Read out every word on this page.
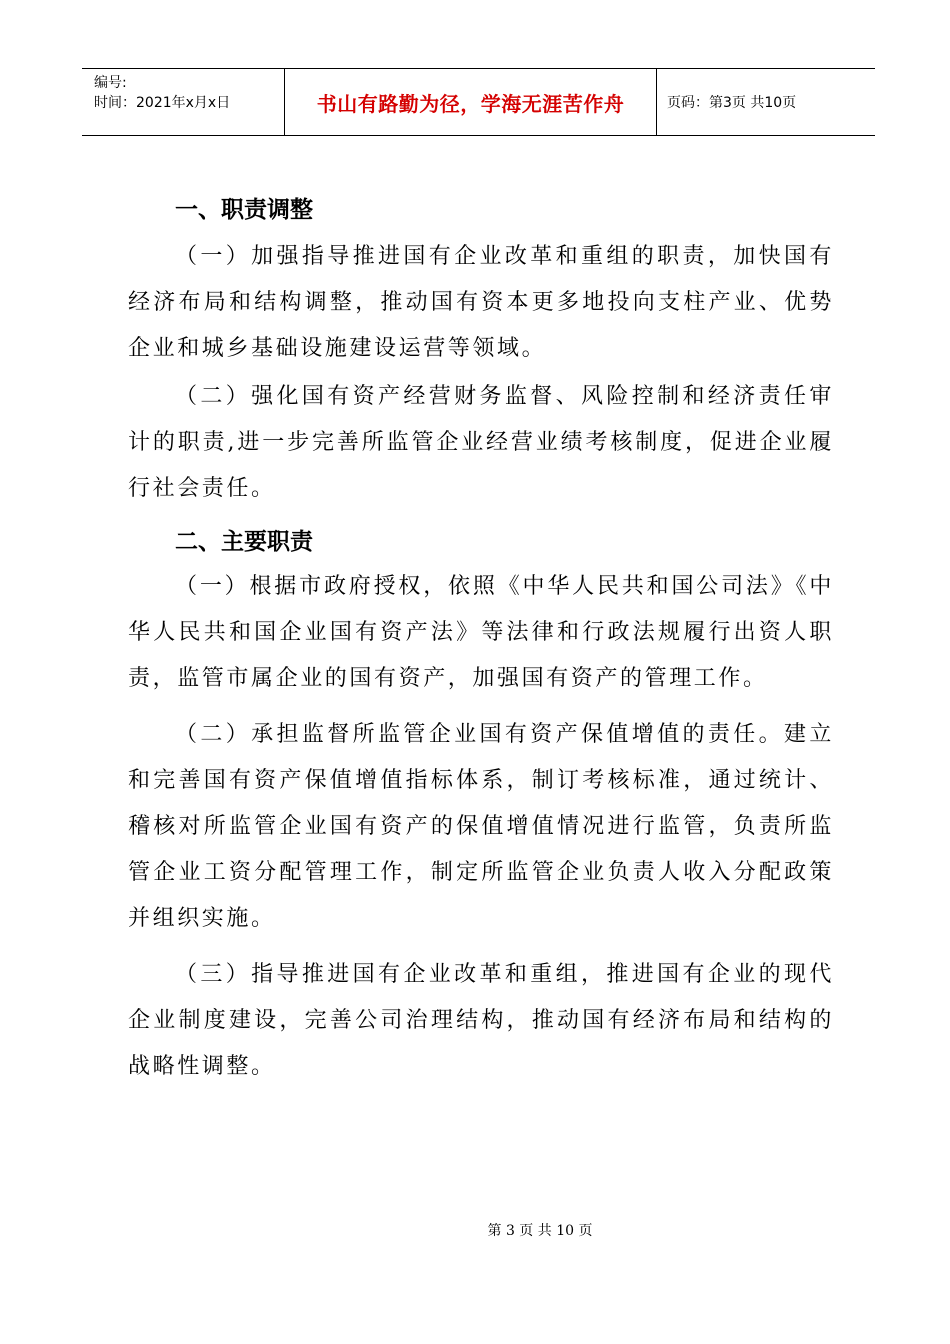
编号:
时间：2021年x月x日	书山有路勤为径，学海无涯苦作舟	页码：第3页 共10页

一、职责调整

（一）加强指导推进国有企业改革和重组的职责，加快国有经济布局和结构调整，推动国有资本更多地投向支柱产业、优势企业和城乡基础设施建设运营等领域。

（二）强化国有资产经营财务监督、风险控制和经济责任审计的职责,进一步完善所监管企业经营业绩考核制度，促进企业履行社会责任。

二、主要职责

（一）根据市政府授权，依照《中华人民共和国公司法》《中华人民共和国企业国有资产法》等法律和行政法规履行出资人职责，监管市属企业的国有资产，加强国有资产的管理工作。

（二）承担监督所监管企业国有资产保值增值的责任。建立和完善国有资产保值增值指标体系，制订考核标准，通过统计、稽核对所监管企业国有资产的保值增值情况进行监管，负责所监管企业工资分配管理工作，制定所监管企业负责人收入分配政策并组织实施。

（三）指导推进国有企业改革和重组，推进国有企业的现代企业制度建设，完善公司治理结构，推动国有经济布局和结构的战略性调整。

第 3 页 共 10 页
